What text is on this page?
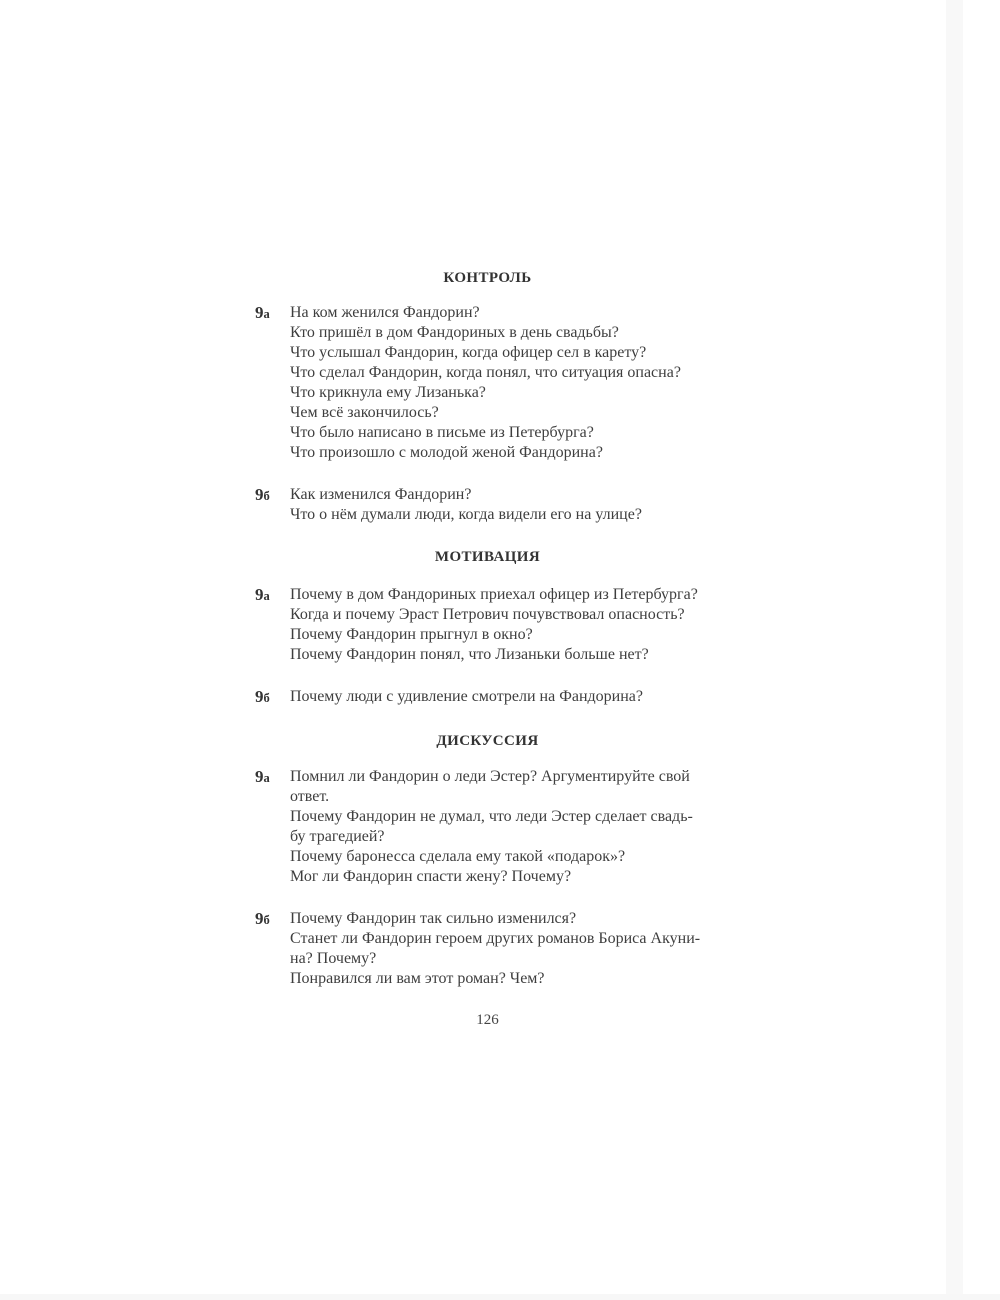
КОНТРОЛЬ
9а На ком женился Фандорин?
Кто пришёл в дом Фандориных в день свадьбы?
Что услышал Фандорин, когда офицер сел в карету?
Что сделал Фандорин, когда понял, что ситуация опасна?
Что крикнула ему Лизанька?
Чем всё закончилось?
Что было написано в письме из Петербурга?
Что произошло с молодой женой Фандорина?
9б Как изменился Фандорин?
Что о нём думали люди, когда видели его на улице?
МОТИВАЦИЯ
9а Почему в дом Фандориных приехал офицер из Петербурга?
Когда и почему Эраст Петрович почувствовал опасность?
Почему Фандорин прыгнул в окно?
Почему Фандорин понял, что Лизаньки больше нет?
9б Почему люди с удивление смотрели на Фандорина?
ДИСКУССИЯ
9а Помнил ли Фандорин о леди Эстер? Аргументируйте свой
ответ.
Почему Фандорин не думал, что леди Эстер сделает свадь-
бу трагедией?
Почему баронесса сделала ему такой «подарок»?
Мог ли Фандорин спасти жену? Почему?
9б Почему Фандорин так сильно изменился?
Станет ли Фандорин героем других романов Бориса Акуни-
на? Почему?
Понравился ли вам этот роман? Чем?
126
